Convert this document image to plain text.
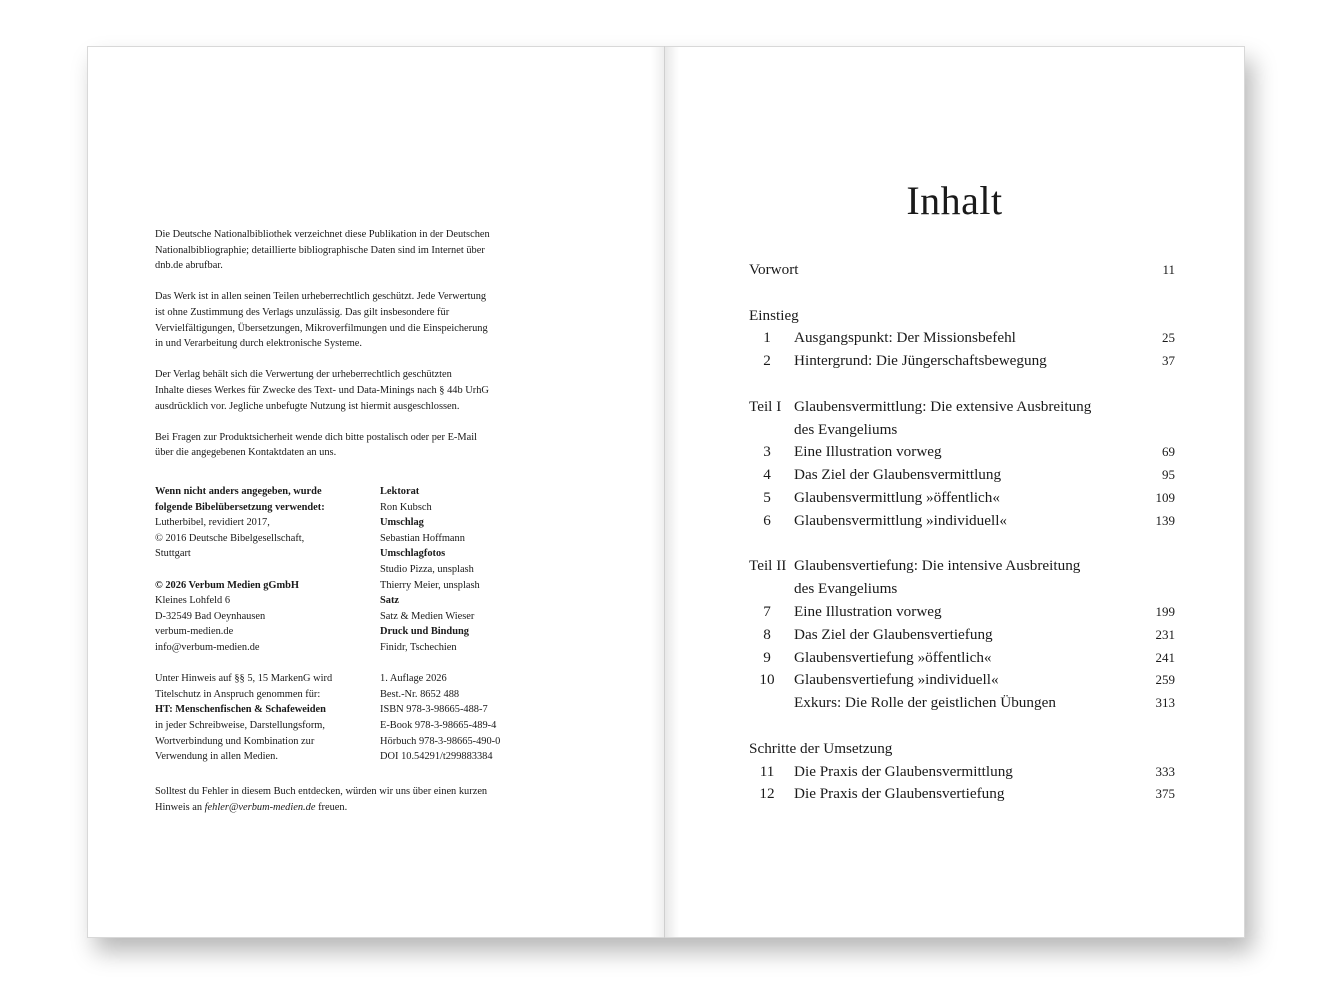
Die Deutsche Nationalbibliothek verzeichnet diese Publikation in der Deutschen
Nationalbibliographie; detaillierte bibliographische Daten sind im Internet über
dnb.de abrufbar.

Das Werk ist in allen seinen Teilen urheberrechtlich geschützt. Jede Verwertung
ist ohne Zustimmung des Verlags unzulässig. Das gilt insbesondere für
Vervielfältigungen, Übersetzungen, Mikroverfilmungen und die Einspeicherung
in und Verarbeitung durch elektronische Systeme.

Der Verlag behält sich die Verwertung der urheberrechtlich geschützten
Inhalte dieses Werkes für Zwecke des Text- und Data-Minings nach § 44b UrhG
ausdrücklich vor. Jegliche unbefugte Nutzung ist hiermit ausgeschlossen.

Bei Fragen zur Produktsicherheit wende dich bitte postalisch oder per E-Mail
über die angegebenen Kontaktdaten an uns.

Wenn nicht anders angegeben, wurde
folgende Bibelübersetzung verwendet:
Lutherbibel, revidiert 2017,
© 2016 Deutsche Bibelgesellschaft,
Stuttgart
© 2026 Verbum Medien gGmbH
Kleines Lohfeld 6
D-32549 Bad Oeynhausen
verbum-medien.de
info@verbum-medien.de
Unter Hinweis auf §§ 5, 15 MarkenG wird
Titelschutz in Anspruch genommen für:
HT: Menschenfischen & Schafeweiden
in jeder Schreibweise, Darstellungsform,
Wortverbindung und Kombination zur
Verwendung in allen Medien.
Lektorat
Ron Kubsch
Umschlag
Sebastian Hoffmann
Umschlagfotos
Studio Pizza, unsplash
Thierry Meier, unsplash
Satz
Satz & Medien Wieser
Druck und Bindung
Finidr, Tschechien
1. Auflage 2026
Best.-Nr. 8652 488
ISBN 978-3-98665-488-7
E-Book 978-3-98665-489-4
Hörbuch 978-3-98665-490-0
DOI 10.54291/t299883384
Solltest du Fehler in diesem Buch entdecken, würden wir uns über einen kurzen
Hinweis an fehler@verbum-medien.de freuen.
Inhalt
Vorwort	11
Einstieg
1	Ausgangspunkt: Der Missionsbefehl	25
2	Hintergrund: Die Jüngerschaftsbewegung	37
Teil I Glaubensvermittlung: Die extensive Ausbreitung
des Evangeliums
3	Eine Illustration vorweg	69
4	Das Ziel der Glaubensvermittlung	95
5	Glaubensvermittlung »öffentlich«	109
6	Glaubensvermittlung »individuell«	139
Teil II Glaubensvertiefung: Die intensive Ausbreitung
des Evangeliums
7	Eine Illustration vorweg	199
8	Das Ziel der Glaubensvertiefung	231
9	Glaubensvertiefung »öffentlich«	241
10	Glaubensvertiefung »individuell«	259
Exkurs: Die Rolle der geistlichen Übungen	313
Schritte der Umsetzung
11	Die Praxis der Glaubensvermittlung	333
12	Die Praxis der Glaubensvertiefung	375
